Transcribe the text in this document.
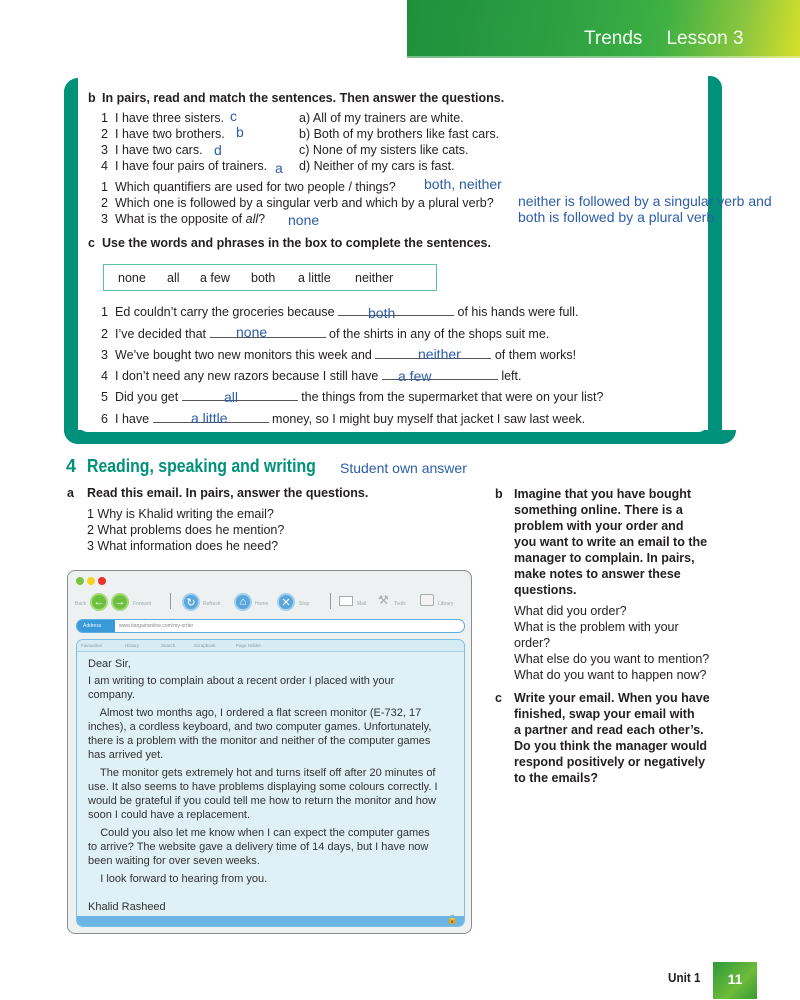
Trends Lesson 3
b In pairs, read and match the sentences. Then answer the questions.
1 I have three sisters. c
2 I have two brothers. b
3 I have two cars. d
4 I have four pairs of trainers. a
a) All of my trainers are white.
b) Both of my brothers like fast cars.
c) None of my sisters like cats.
d) Neither of my cars is fast.
1 Which quantifiers are used for two people / things? both, neither
2 Which one is followed by a singular verb and which by a plural verb? neither is followed by a singular verb and
both is followed by a plural verb
3 What is the opposite of all? none
c Use the words and phrases in the box to complete the sentences.
none all a few both a little neither
1 Ed couldn’t carry the groceries because	of his hands were full.
both
2 I’ve decided that	of the shirts in any of the shops suit me.
none
3 We’ve bought two new monitors this week and	of them works!
neither
4 I don’t need any new razors because I still have	left.
a few
5 Did you get	the things from the supermarket that were on your list?
all
6 I have	money, so I might buy myself that jacket I saw last week.
a little
4 Reading, speaking and writing Student own answer
a Read this email. In pairs, answer the questions.
1 Why is Khalid writing the email?
2 What problems does he mention?
3 What information does he need?
b Imagine that you have bought
something online. There is a
problem with your order and
you want to write an email to the
manager to complain. In pairs,
make notes to answer these
questions.
What did you order?
What is the problem with your
order?
What else do you want to mention?
What do you want to happen now?
c Write your email. When you have
finished, swap your email with
a partner and read each other’s.
Do you think the manager would
respond positively or negatively
to the emails?
Back ← →	Forward	↻	Refresh	⌂	Home	✕	Stop	Mail ⚒ Tools	Library
Address	www.bargainonline.com/my-order
Favourites	History	Search	Scrapbook	Page Holder
Dear Sir,
I am writing to complain about a recent order I placed with your
company.
Almost two months ago, I ordered a flat screen monitor (E-732, 17
inches), a cordless keyboard, and two computer games. Unfortunately,
there is a problem with the monitor and neither of the computer games
has arrived yet.
The monitor gets extremely hot and turns itself off after 20 minutes of
use. It also seems to have problems displaying some colours correctly. I
would be grateful if you could tell me how to return the monitor and how
soon I could have a replacement.
Could you also let me know when I can expect the computer games
to arrive? The website gave a delivery time of 14 days, but I have now
been waiting for over seven weeks.
I look forward to hearing from you.
Khalid Rasheed
🔒
Unit 1	11
